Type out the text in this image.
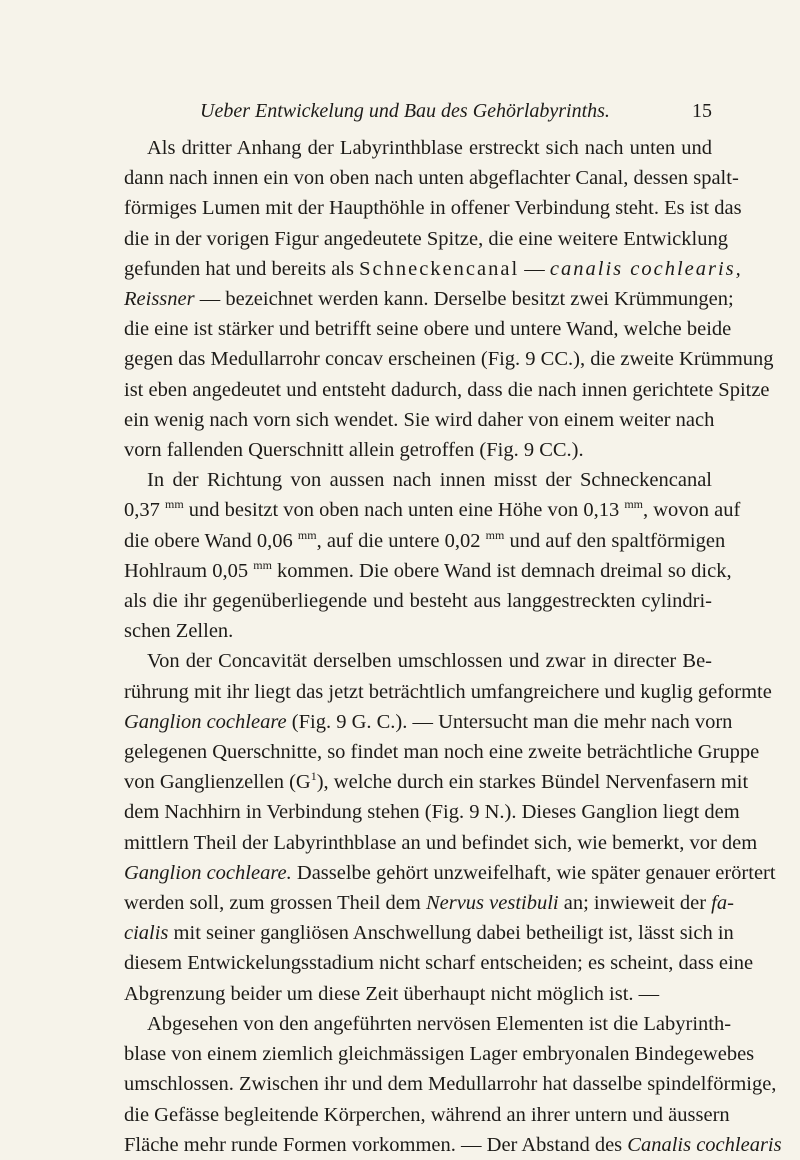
Ueber Entwickelung und Bau des Gehörlabyrinths.	15

Als dritter Anhang der Labyrinthblase erstreckt sich nach unten und
dann nach innen ein von oben nach unten abgeflachter Canal, dessen spalt-
förmiges Lumen mit der Haupthöhle in offener Verbindung steht. Es ist das
die in der vorigen Figur angedeutete Spitze, die eine weitere Entwicklung
gefunden hat und bereits als Schneckencanal — canalis cochlearis,
Reissner — bezeichnet werden kann. Derselbe besitzt zwei Krümmungen;
die eine ist stärker und betrifft seine obere und untere Wand, welche beide
gegen das Medullarrohr concav erscheinen (Fig. 9 CC.), die zweite Krümmung
ist eben angedeutet und entsteht dadurch, dass die nach innen gerichtete Spitze
ein wenig nach vorn sich wendet. Sie wird daher von einem weiter nach
vorn fallenden Querschnitt allein getroffen (Fig. 9 CC.).

In der Richtung von aussen nach innen misst der Schneckencanal
0,37 $^{mm}$ und besitzt von oben nach unten eine Höhe von 0,13 $^{mm}$, wovon auf
die obere Wand 0,06 $^{mm}$, auf die untere 0,02 $^{mm}$ und auf den spaltförmigen
Hohlraum 0,05 $^{mm}$ kommen. Die obere Wand ist demnach dreimal so dick,
als die ihr gegenüberliegende und besteht aus langgestreckten cylindri-
schen Zellen.

Von der Concavität derselben umschlossen und zwar in directer Be-
rührung mit ihr liegt das jetzt beträchtlich umfangreichere und kuglig geformte
Ganglion cochleare (Fig. 9 G. C.). — Untersucht man die mehr nach vorn
gelegenen Querschnitte, so findet man noch eine zweite beträchtliche Gruppe
von Ganglienzellen $(G^1)$, welche durch ein starkes Bündel Nervenfasern mit
dem Nachhirn in Verbindung stehen (Fig. 9 N.). Dieses Ganglion liegt dem
mittlern Theil der Labyrinthblase an und befindet sich, wie bemerkt, vor dem
Ganglion cochleare. Dasselbe gehört unzweifelhaft, wie später genauer erörtert
werden soll, zum grossen Theil dem Nervus vestibuli an; inwieweit der fa-
cialis mit seiner gangliösen Anschwellung dabei betheiligt ist, lässt sich in
diesem Entwickelungsstadium nicht scharf entscheiden; es scheint, dass eine
Abgrenzung beider um diese Zeit überhaupt nicht möglich ist. —

Abgesehen von den angeführten nervösen Elementen ist die Labyrinth-
blase von einem ziemlich gleichmässigen Lager embryonalen Bindegewebes
umschlossen. Zwischen ihr und dem Medullarrohr hat dasselbe spindelförmige,
die Gefässe begleitende Körperchen, während an ihrer untern und äussern
Fläche mehr runde Formen vorkommen. — Der Abstand des Canalis cochlearis
